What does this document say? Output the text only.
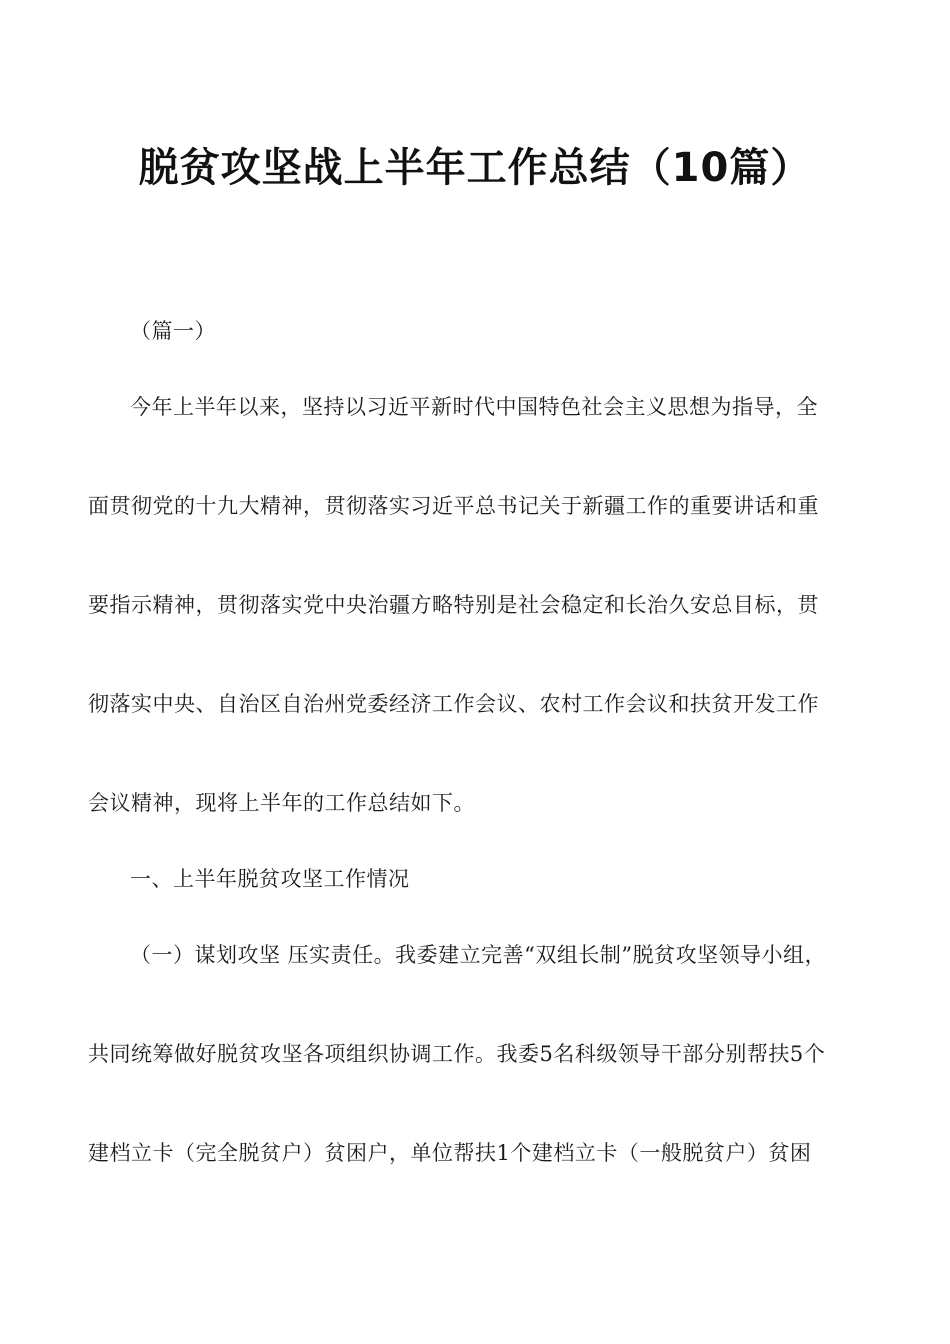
脱贫攻坚战上半年工作总结（10篇）
（篇一）
今年上半年以来，坚持以习近平新时代中国特色社会主义思想为指导，全
面贯彻党的十九大精神，贯彻落实习近平总书记关于新疆工作的重要讲话和重
要指示精神，贯彻落实党中央治疆方略特别是社会稳定和长治久安总目标，贯
彻落实中央、自治区自治州党委经济工作会议、农村工作会议和扶贫开发工作
会议精神，现将上半年的工作总结如下。
一、上半年脱贫攻坚工作情况
（一）谋划攻坚 压实责任。我委建立完善“双组长制”脱贫攻坚领导小组，
共同统筹做好脱贫攻坚各项组织协调工作。我委5名科级领导干部分别帮扶5个
建档立卡（完全脱贫户）贫困户，单位帮扶1个建档立卡（一般脱贫户）贫困
